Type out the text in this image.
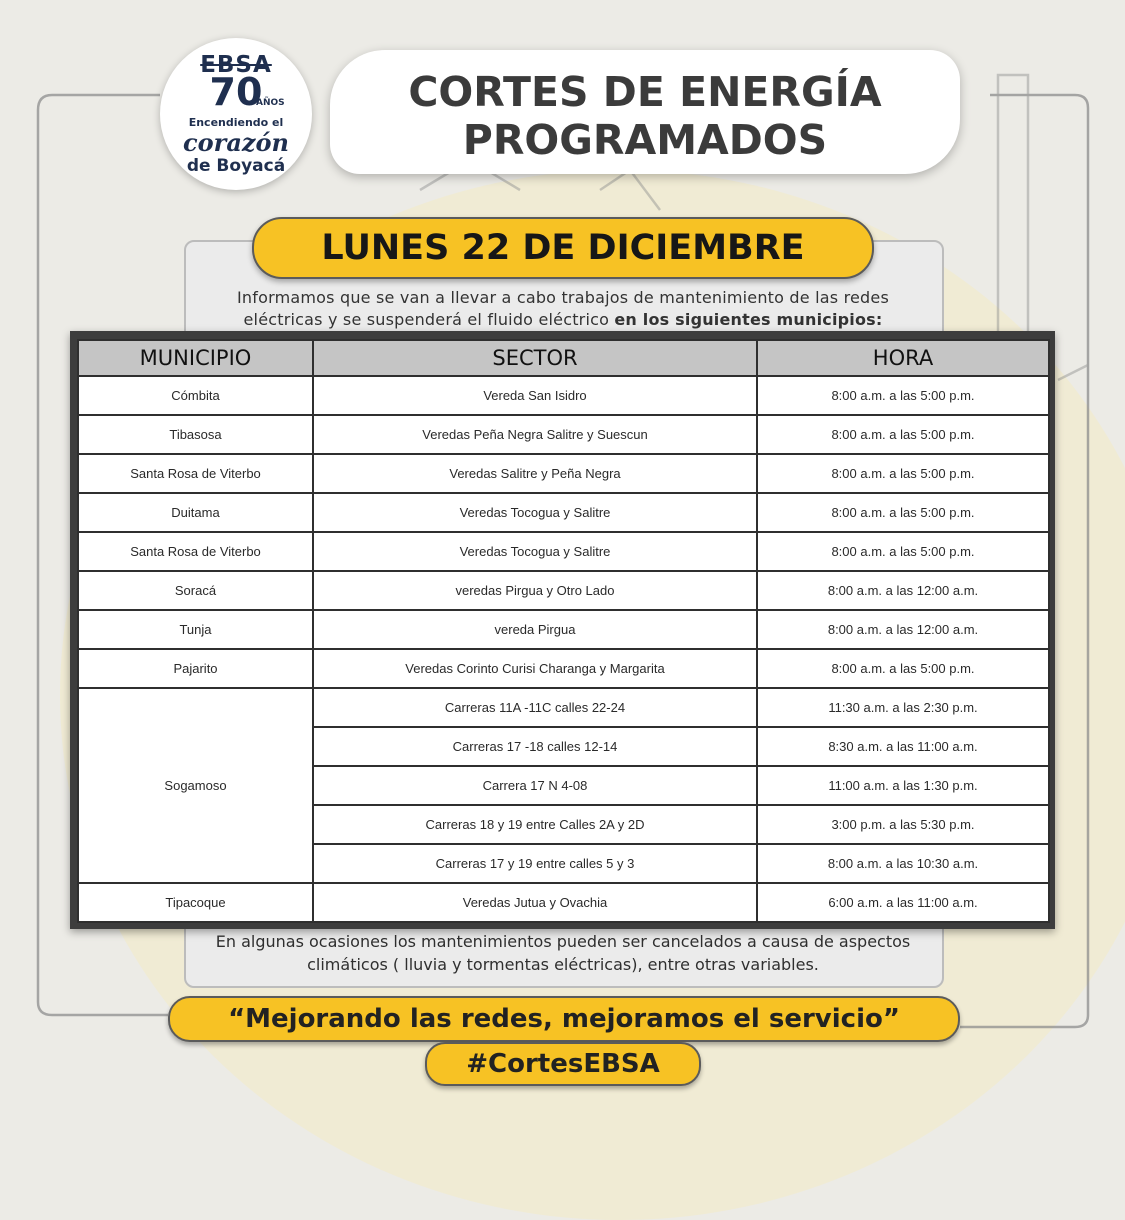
EBSA
70
AÑOS
Encendiendo el
corazón
de Boyacá
CORTES DE ENERGÍA
PROGRAMADOS
LUNES 22 DE DICIEMBRE
Informamos que se van a llevar a cabo trabajos de mantenimiento de las redes eléctricas y se suspenderá el fluido eléctrico en los siguientes municipios:
MUNICIPIO	SECTOR	HORA
Cómbita	Vereda San Isidro	8:00 a.m. a las 5:00 p.m.
Tibasosa	Veredas Peña Negra Salitre y Suescun	8:00 a.m. a las 5:00 p.m.
Santa Rosa de Viterbo	Veredas Salitre y Peña Negra	8:00 a.m. a las 5:00 p.m.
Duitama	Veredas Tocogua y Salitre	8:00 a.m. a las 5:00 p.m.
Santa Rosa de Viterbo	Veredas Tocogua y Salitre	8:00 a.m. a las 5:00 p.m.
Soracá	veredas Pirgua y Otro Lado	8:00 a.m. a las 12:00 a.m.
Tunja	vereda Pirgua	8:00 a.m. a las 12:00 a.m.
Pajarito	Veredas Corinto Curisi Charanga y Margarita	8:00 a.m. a las 5:00 p.m.
Sogamoso	Carreras 11A -11C calles 22-24	11:30 a.m. a las 2:30 p.m.
	Carreras 17 -18 calles 12-14	8:30 a.m. a las 11:00 a.m.
	Carrera 17 N 4-08	11:00 a.m. a las 1:30 p.m.
	Carreras 18 y 19 entre Calles 2A y 2D	3:00 p.m. a las 5:30 p.m.
	Carreras 17 y 19 entre calles 5 y 3	8:00 a.m. a las 10:30 a.m.
Tipacoque	Veredas Jutua y Ovachia	6:00 a.m. a las 11:00 a.m.
En algunas ocasiones los mantenimientos pueden ser cancelados a causa de aspectos climáticos ( lluvia y tormentas eléctricas), entre otras variables.
“Mejorando las redes, mejoramos el servicio”
#CortesEBSA
